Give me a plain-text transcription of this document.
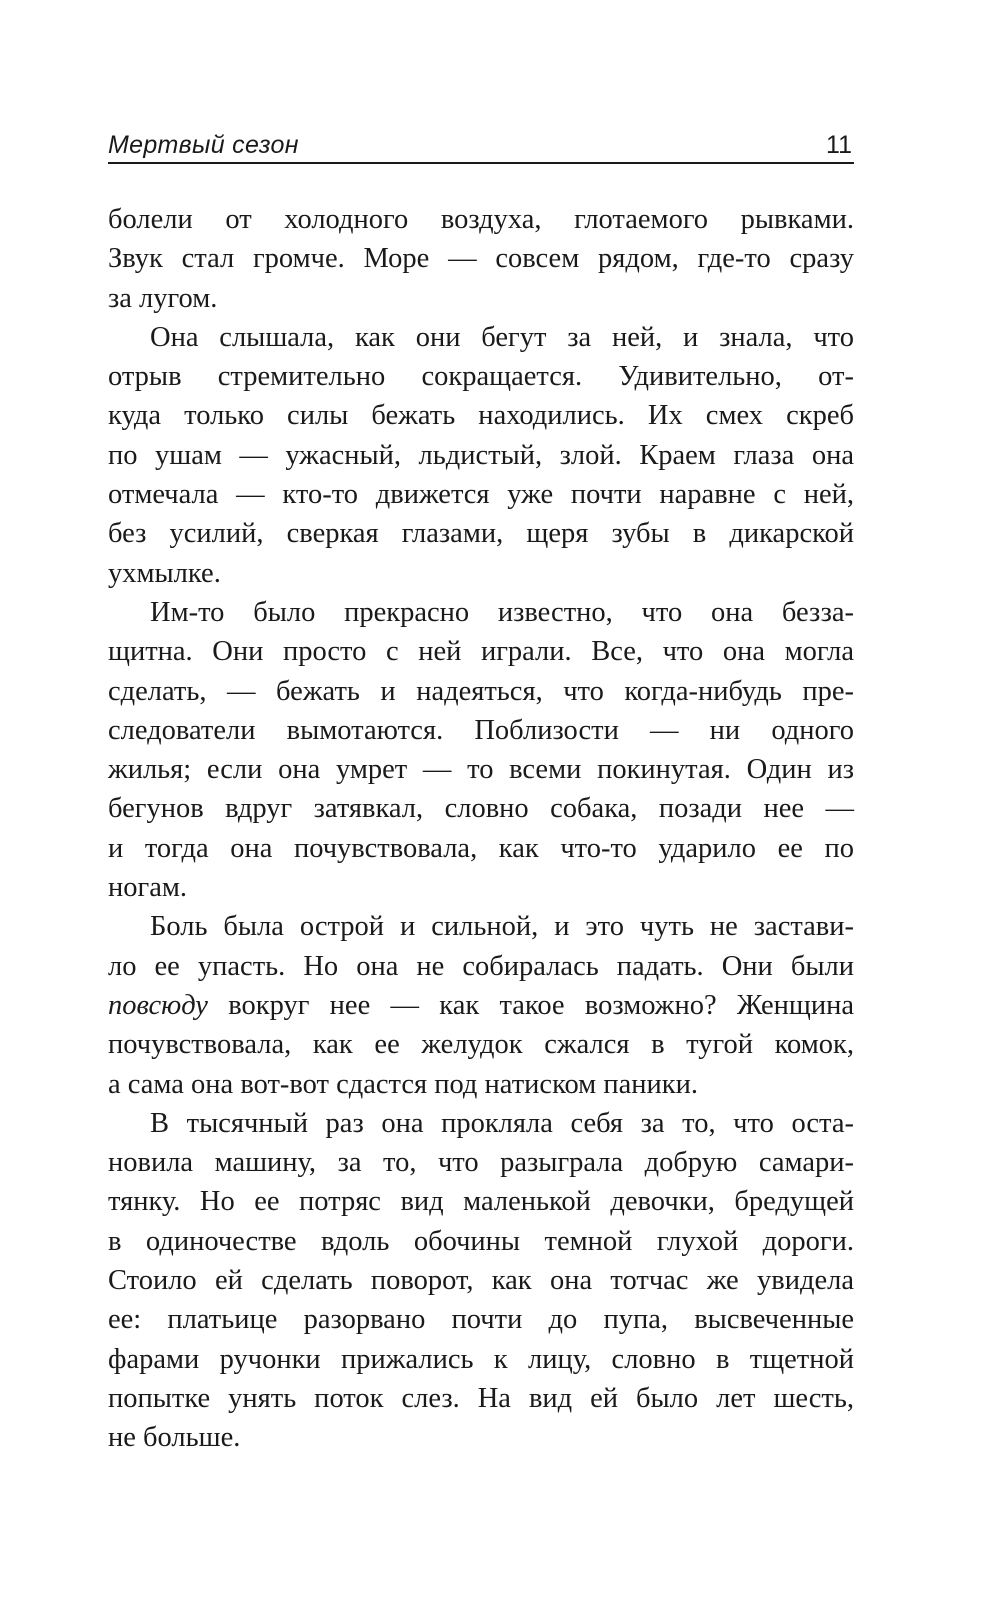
Мертвый сезон	11

болели от холодного воздуха, глотаемого рывками.
Звук стал громче. Море — совсем рядом, где-то сразу
за лугом.

Она слышала, как они бегут за ней, и знала, что
отрыв стремительно сокращается. Удивительно, от-
куда только силы бежать находились. Их смех скреб
по ушам — ужасный, льдистый, злой. Краем глаза она
отмечала — кто-то движется уже почти наравне с ней,
без усилий, сверкая глазами, щеря зубы в дикарской
ухмылке.

Им-то было прекрасно известно, что она безза-
щитна. Они просто с ней играли. Все, что она могла
сделать, — бежать и надеяться, что когда-нибудь пре-
следователи вымотаются. Поблизости — ни одного
жилья; если она умрет — то всеми покинутая. Один из
бегунов вдруг затявкал, словно собака, позади нее —
и тогда она почувствовала, как что-то ударило ее по
ногам.

Боль была острой и сильной, и это чуть не застави-
ло ее упасть. Но она не собиралась падать. Они были
повсюду вокруг нее — как такое возможно? Женщина
почувствовала, как ее желудок сжался в тугой комок,
а сама она вот-вот сдастся под натиском паники.

В тысячный раз она прокляла себя за то, что оста-
новила машину, за то, что разыграла добрую самари-
тянку. Но ее потряс вид маленькой девочки, бредущей
в одиночестве вдоль обочины темной глухой дороги.
Стоило ей сделать поворот, как она тотчас же увидела
ее: платьице разорвано почти до пупа, высвеченные
фарами ручонки прижались к лицу, словно в тщетной
попытке унять поток слез. На вид ей было лет шесть,
не больше.
